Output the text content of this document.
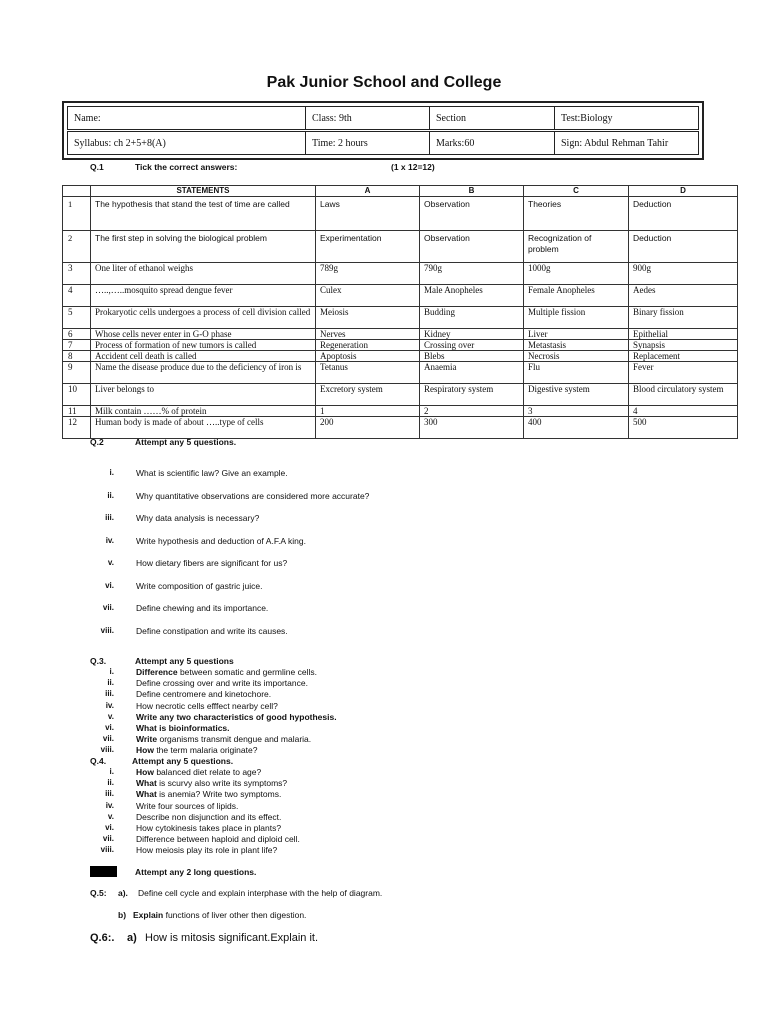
Pak Junior School and College
Name:	Class: 9th	Section	Test:Biology
Syllabus: ch 2+5+8(A)	Time: 2 hours	Marks:60	Sign: Abdul Rehman Tahir
Q.1	Tick the correct answers:	(1 x 12=12)
	STATEMENTS	A	B	C	D
1	The hypothesis that stand the test of time are called	Laws	Observation	Theories	Deduction
2	The first step in solving the biological problem	Experimentation	Observation	Recognization of problem	Deduction
3	One liter of ethanol weighs	789g	790g	1000g	900g
4	…..,…..mosquito spread dengue fever	Culex	Male Anopheles	Female Anopheles	Aedes
5	Prokaryotic cells undergoes a process of cell division called	Meiosis	Budding	Multiple fission	Binary fission
6	Whose cells never enter in G-O phase	Nerves	Kidney	Liver	Epithelial
7	Process of formation of new tumors is called	Regeneration	Crossing over	Metastasis	Synapsis
8	Accident cell death is called	Apoptosis	Blebs	Necrosis	Replacement
9	Name the disease produce due to the deficiency of iron is	Tetanus	Anaemia	Flu	Fever
10	Liver belongs to	Excretory system	Respiratory system	Digestive system	Blood circulatory system
11	Milk contain ……% of protein	1	2	3	4
12	Human body is made of about …..type of cells	200	300	400	500
Q.2	Attempt any 5 questions.
i.	What is scientific law? Give an example.
ii.	Why quantitative observations are considered more accurate?
iii.	Why data analysis is necessary?
iv.	Write hypothesis and deduction of A.F.A king.
v.	How dietary fibers are significant for us?
vi.	Write composition of gastric juice.
vii.	Define chewing and its importance.
viii.	Define constipation and write its causes.
Q.3.	Attempt any 5 questions
i.	Difference between somatic and germline cells.
ii.	Define crossing over and write its importance.
iii.	Define centromere and kinetochore.
iv.	How necrotic cells efffect nearby cell?
v.	Write any two characteristics of good hypothesis.
vi.	What is bioinformatics.
vii.	Write organisms transmit dengue and malaria.
viii.	How the term malaria originate?
Q.4.	Attempt any 5 questions.
i.	How balanced diet relate to age?
ii.	What is scurvy also write its symptoms?
iii.	What is anemia? Write two symptoms.
iv.	Write four sources of lipids.
v.	Describe non disjunction and its effect.
vi.	How cytokinesis takes place in plants?
vii.	Difference between haploid and diploid cell.
viii.	How meiosis play its role in plant life?
Attempt any 2 long questions.
Q.5: a). Define cell cycle and explain interphase with the help of diagram.
b) Explain functions of liver other then digestion.
Q.6:. a) How is mitosis significant.Explain it.
